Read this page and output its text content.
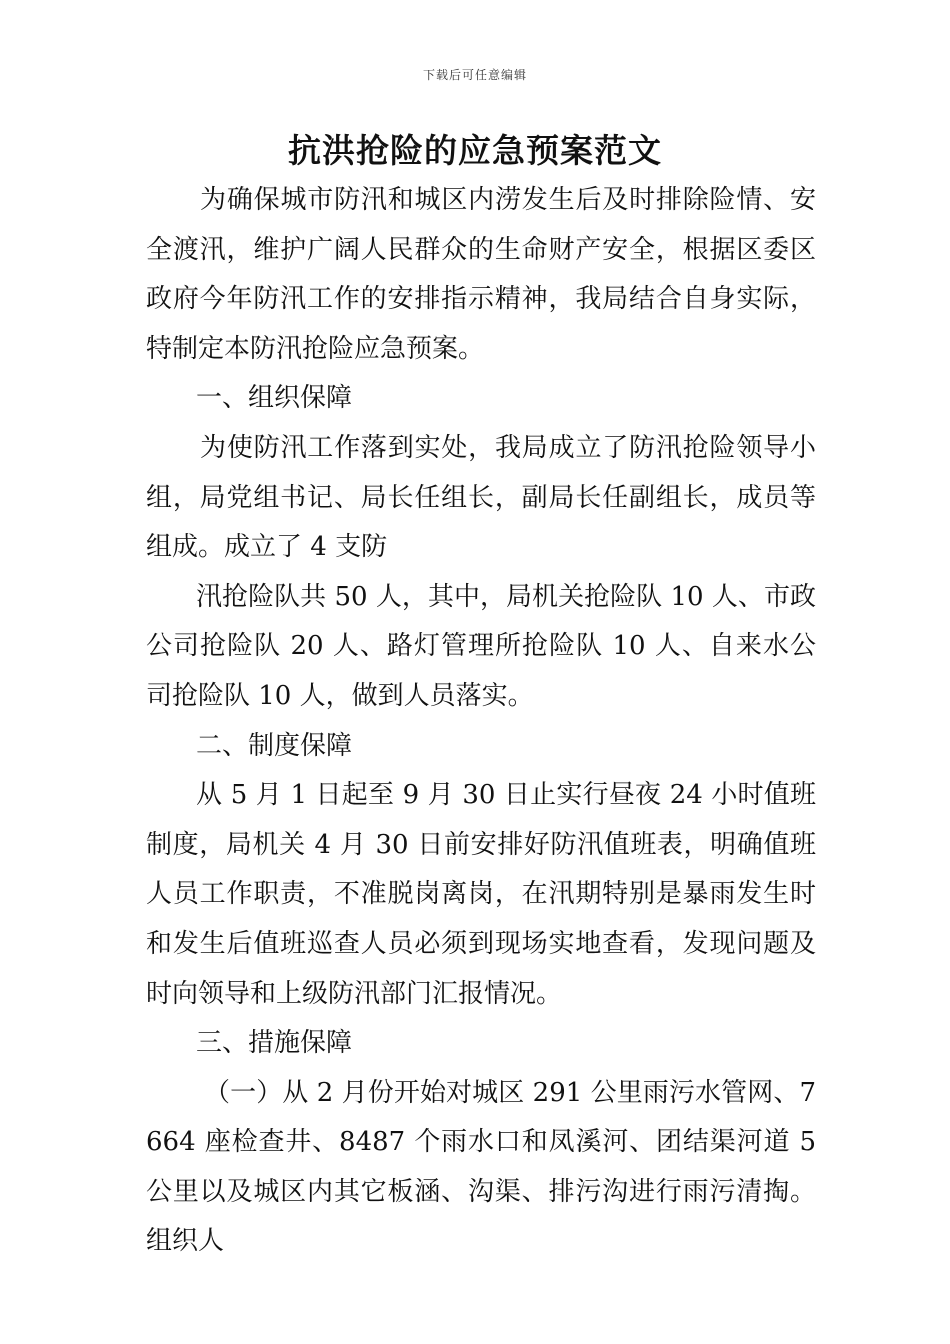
下载后可任意编辑
抗洪抢险的应急预案范文

为确保城市防汛和城区内涝发生后及时排除险情、安全渡汛，维护广阔人民群众的生命财产安全，根据区委区政府今年防汛工作的安排指示精神，我局结合自身实际，特制定本防汛抢险应急预案。

一、组织保障

为使防汛工作落到实处，我局成立了防汛抢险领导小组，局党组书记、局长任组长，副局长任副组长，成员等组成。成立了 4 支防

汛抢险队共 50 人，其中，局机关抢险队 10 人、市政公司抢险队 20 人、路灯管理所抢险队 10 人、自来水公司抢险队 10 人，做到人员落实。

二、制度保障

从 5 月 1 日起至 9 月 30 日止实行昼夜 24 小时值班制度，局机关 4 月 30 日前安排好防汛值班表，明确值班人员工作职责，不准脱岗离岗，在汛期特别是暴雨发生时和发生后值班巡查人员必须到现场实地查看，发现问题及时向领导和上级防汛部门汇报情况。

三、措施保障

（一）从 2 月份开始对城区 291 公里雨污水管网、7664 座检查井、8487 个雨水口和凤溪河、团结渠河道 5 公里以及城区内其它板涵、沟渠、排污沟进行雨污清掏。组织人
